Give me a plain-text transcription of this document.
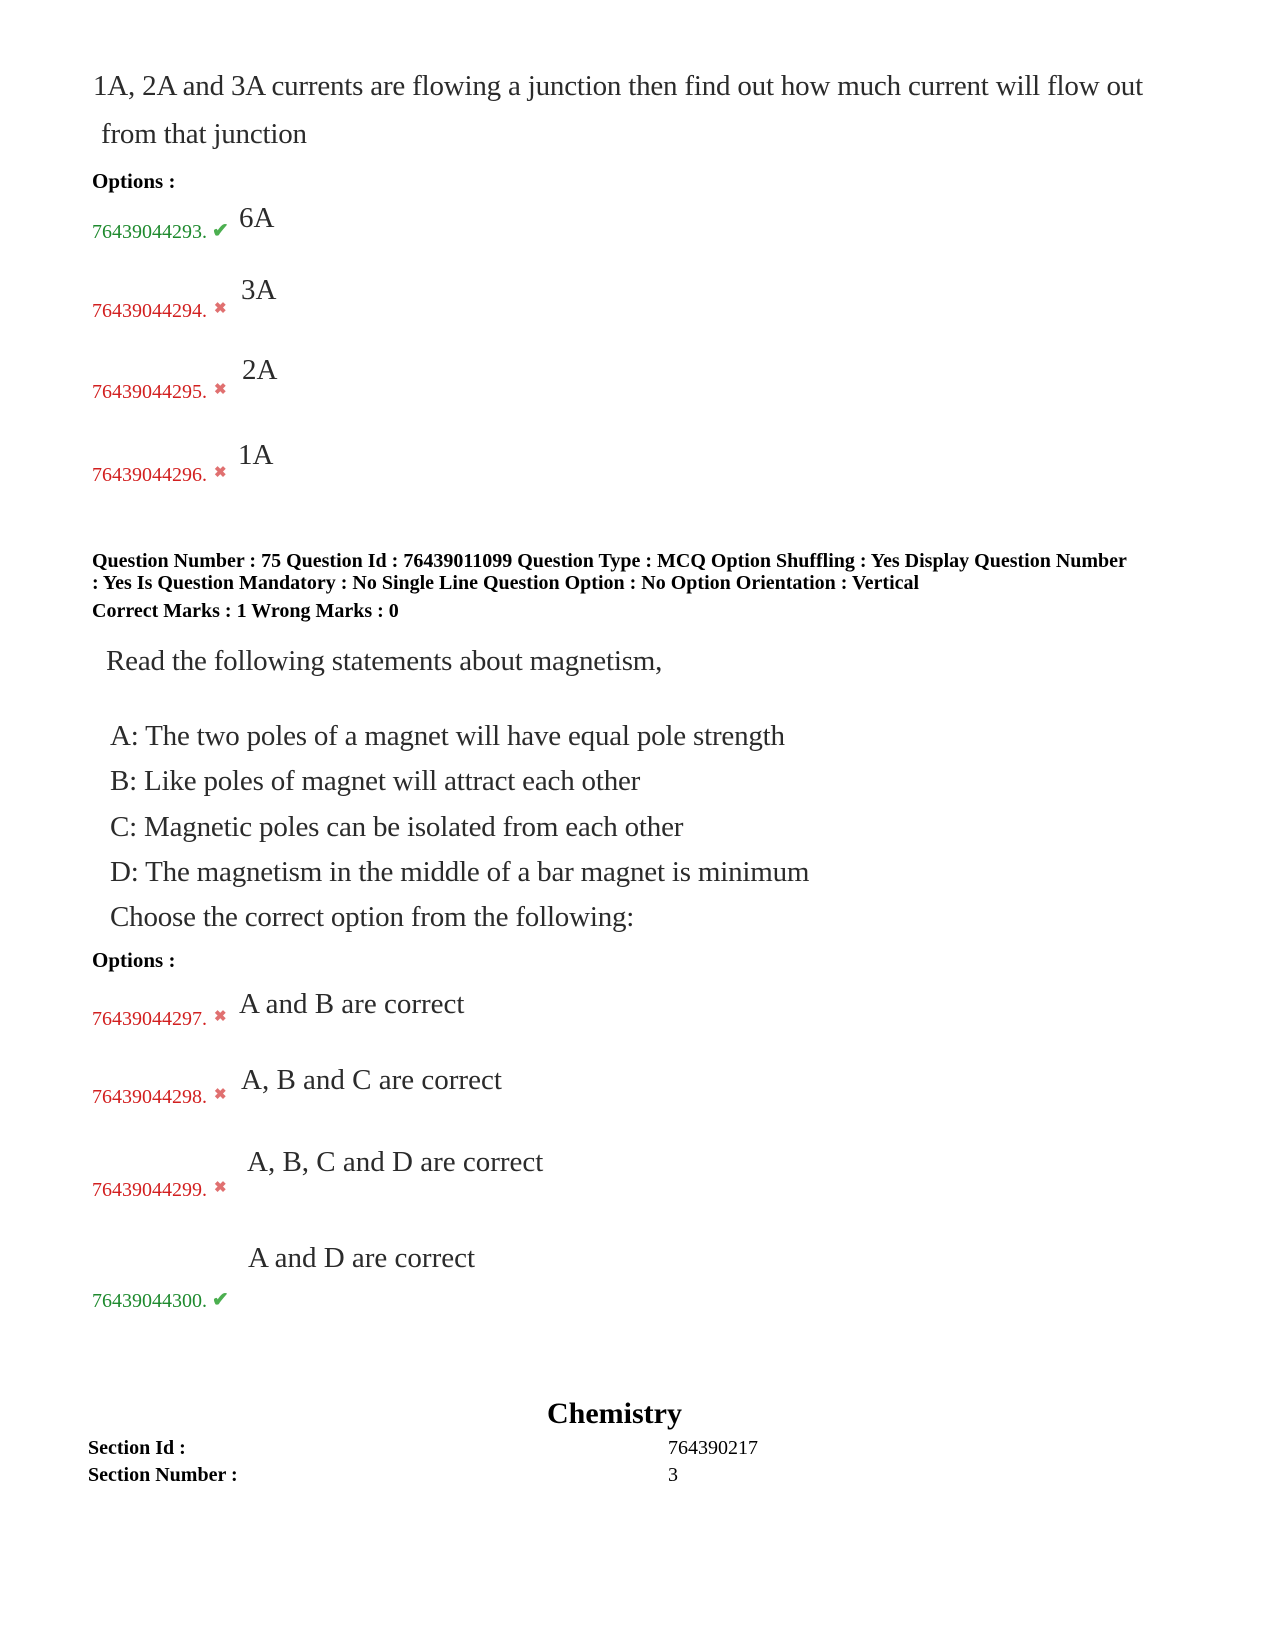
1A, 2A and 3A currents are flowing a junction then find out how much current will flow out
from that junction
Options :
76439044293. ✔ 6A
76439044294. ✖
3A
76439044295. ✖
2A
76439044296. ✖
1A
Question Number : 75 Question Id : 76439011099 Question Type : MCQ Option Shuffling : Yes Display Question Number
: Yes Is Question Mandatory : No Single Line Question Option : No Option Orientation : Vertical
Correct Marks : 1 Wrong Marks : 0
Read the following statements about magnetism,
A: The two poles of a magnet will have equal pole strength
B: Like poles of magnet will attract each other
C: Magnetic poles can be isolated from each other
D: The magnetism in the middle of a bar magnet is minimum
Choose the correct option from the following:
Options :
76439044297. ✖ A and B are correct
76439044298. ✖ A, B and C are correct
76439044299. ✖
A, B, C and D are correct
76439044300. ✔
A and D are correct
Chemistry
Section Id :	764390217
Section Number :	3
